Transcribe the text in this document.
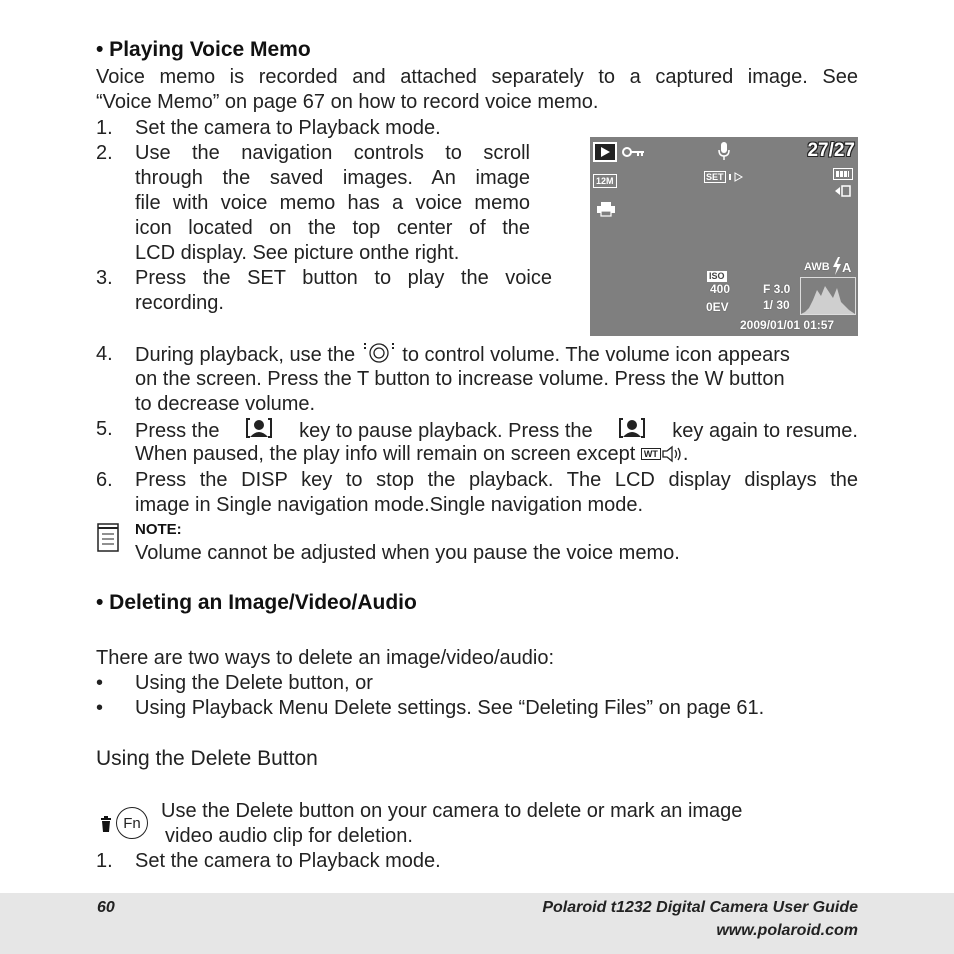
• Playing Voice Memo
Voice memo is recorded and attached separately to a captured image. See
“Voice Memo” on page 67 on how to record voice memo.
1. Set the camera to Playback mode.
2. Use the navigation controls to scroll
through the saved images. An image
file with voice memo has a voice memo
icon located on the top center of the
LCD display. See picture onthe right.
3. Press the SET button to play the voice
recording.
27/27
12M	SET
AWB A
ISO
400
0EV
F 3.0
1/ 30
2009/01/01 01:57
4. During playback, use the to control volume. The volume icon appears
on the screen. Press the T button to increase volume. Press the W button
to decrease volume.
5. Press the	key to pause playback. Press the	key again to resume.
When paused, the play info will remain on screen except WT .
6. Press the DISP key to stop the playback. The LCD display displays the
image in Single navigation mode.Single navigation mode.
NOTE:
Volume cannot be adjusted when you pause the voice memo.
• Deleting an Image/Video/Audio
There are two ways to delete an image/video/audio:
• Using the Delete button, or
• Using Playback Menu Delete settings. See “Deleting Files” on page 61.
Using the Delete Button
Fn
Use the Delete button on your camera to delete or mark an image
video audio clip for deletion.
1. Set the camera to Playback mode.
60	Polaroid t1232 Digital Camera User Guide
www.polaroid.com
